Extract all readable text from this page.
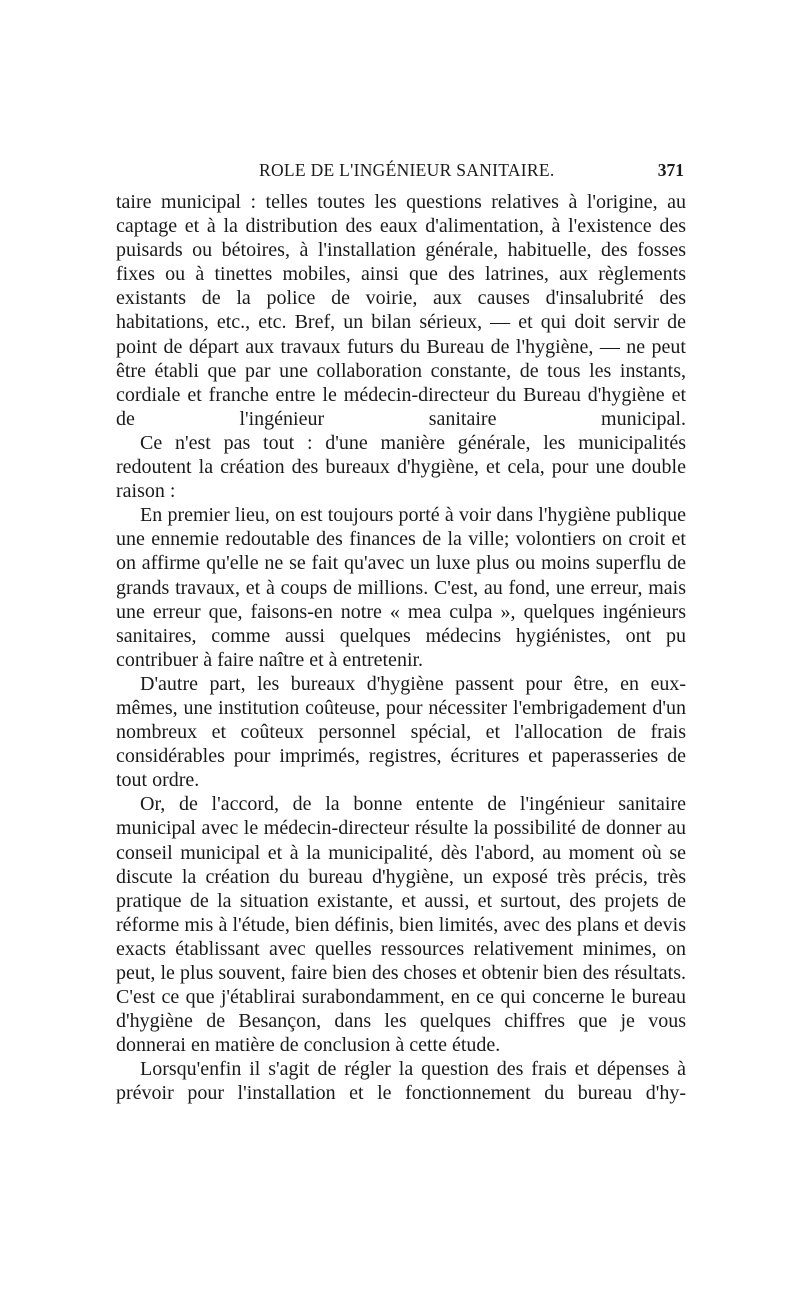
ROLE DE L'INGÉNIEUR SANITAIRE.	371

taire municipal : telles toutes les questions relatives à l'origine, au captage et à la distribution des eaux d'alimentation, à l'existence des puisards ou bétoires, à l'installation générale, habituelle, des fosses fixes ou à tinettes mobiles, ainsi que des latrines, aux règlements existants de la police de voirie, aux causes d'insalubrité des habitations, etc., etc. Bref, un bilan sérieux, — et qui doit servir de point de départ aux travaux futurs du Bureau de l'hygiène, — ne peut être établi que par une collaboration constante, de tous les instants, cordiale et franche entre le médecin-directeur du Bureau d'hygiène et de l'ingénieur sanitaire municipal.

Ce n'est pas tout : d'une manière générale, les municipalités redoutent la création des bureaux d'hygiène, et cela, pour une double raison :

En premier lieu, on est toujours porté à voir dans l'hygiène publique une ennemie redoutable des finances de la ville; volontiers on croit et on affirme qu'elle ne se fait qu'avec un luxe plus ou moins superflu de grands travaux, et à coups de millions. C'est, au fond, une erreur, mais une erreur que, faisons-en notre « mea culpa », quelques ingénieurs sanitaires, comme aussi quelques médecins hygiénistes, ont pu contribuer à faire naître et à entretenir.

D'autre part, les bureaux d'hygiène passent pour être, en eux-mêmes, une institution coûteuse, pour nécessiter l'embrigadement d'un nombreux et coûteux personnel spécial, et l'allocation de frais considérables pour imprimés, registres, écritures et paperasseries de tout ordre.

Or, de l'accord, de la bonne entente de l'ingénieur sanitaire municipal avec le médecin-directeur résulte la possibilité de donner au conseil municipal et à la municipalité, dès l'abord, au moment où se discute la création du bureau d'hygiène, un exposé très précis, très pratique de la situation existante, et aussi, et surtout, des projets de réforme mis à l'étude, bien définis, bien limités, avec des plans et devis exacts établissant avec quelles ressources relativement minimes, on peut, le plus souvent, faire bien des choses et obtenir bien des résultats. C'est ce que j'établirai surabondamment, en ce qui concerne le bureau d'hygiène de Besançon, dans les quelques chiffres que je vous donnerai en matière de conclusion à cette étude.

Lorsqu'enfin il s'agit de régler la question des frais et dépenses à prévoir pour l'installation et le fonctionnement du bureau d'hy-
